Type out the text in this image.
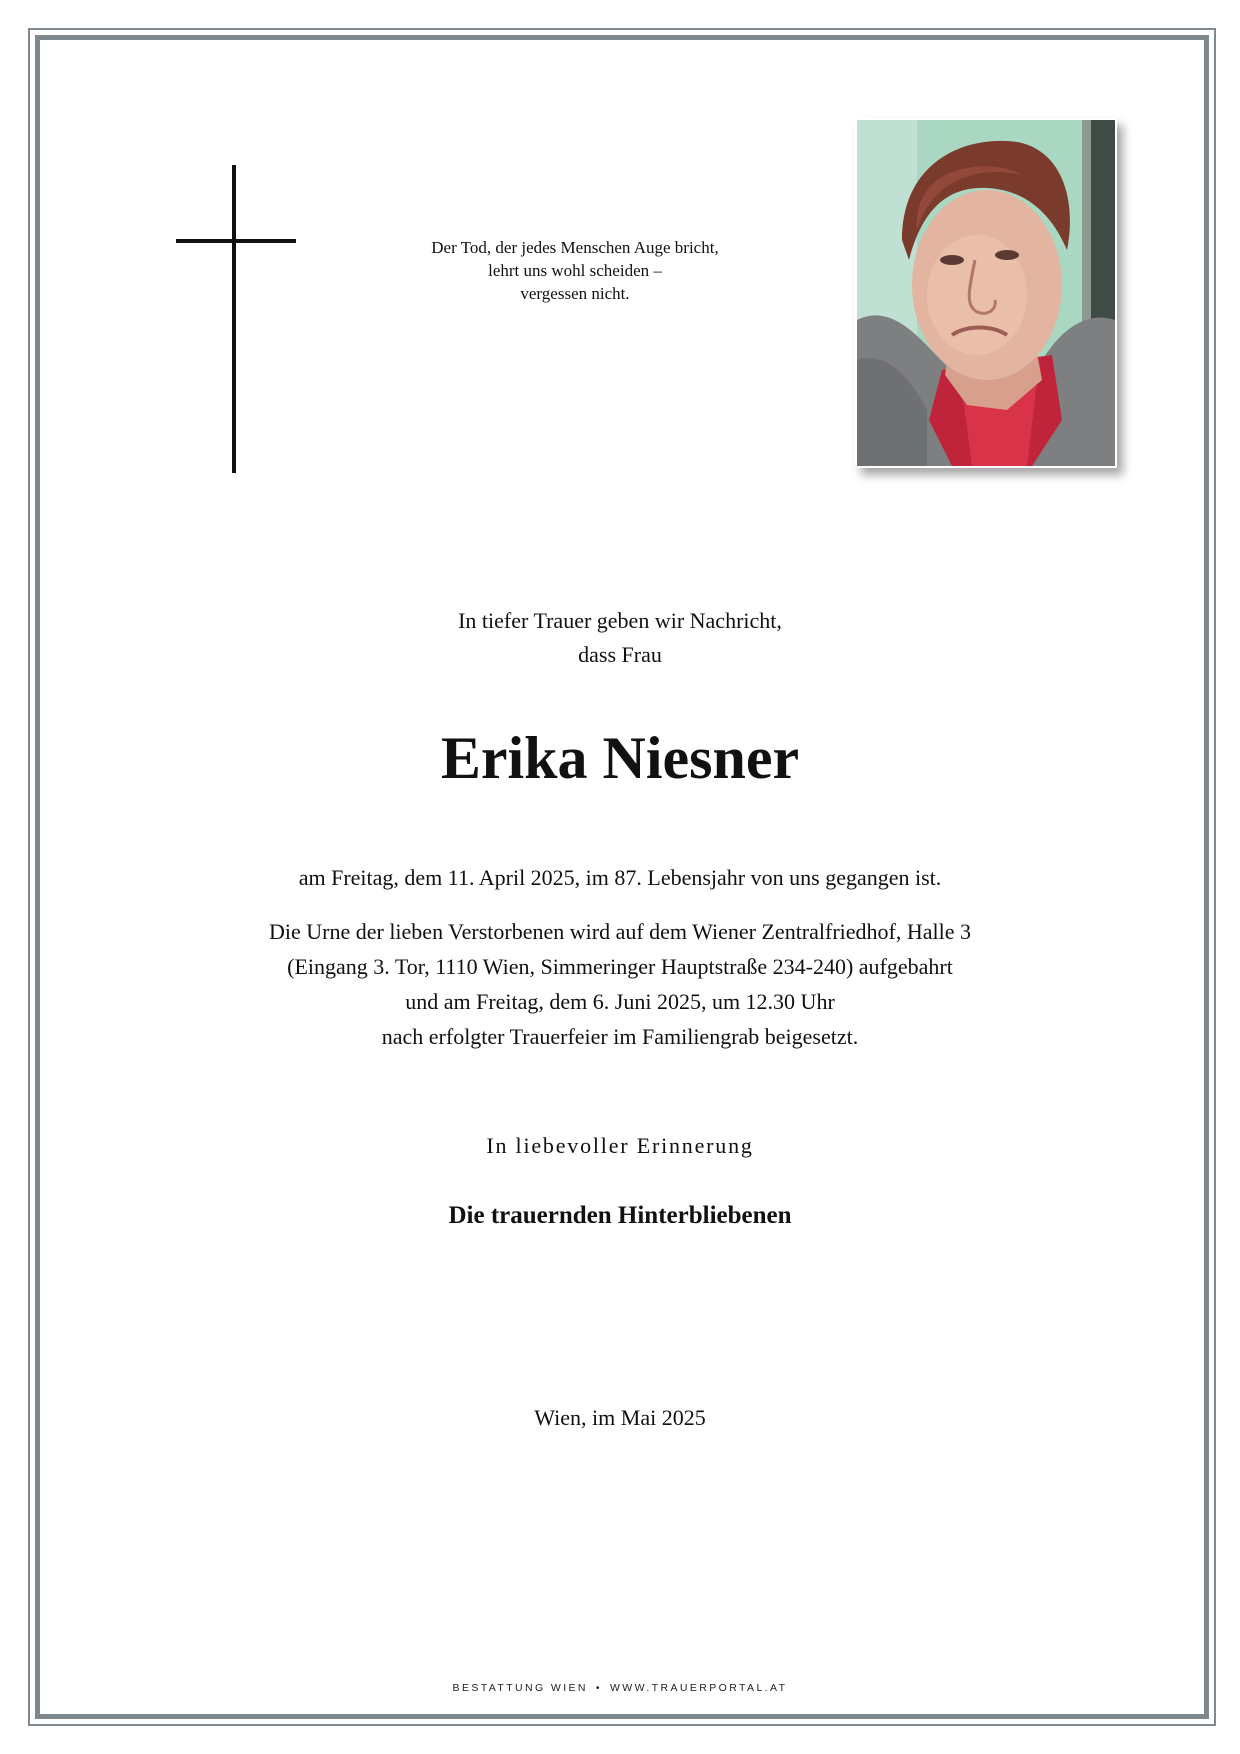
Der Tod, der jedes Menschen Auge bricht,
lehrt uns wohl scheiden –
vergessen nicht.
In tiefer Trauer geben wir Nachricht,
dass Frau
Erika Niesner
am Freitag, dem 11. April 2025, im 87. Lebensjahr von uns gegangen ist.
Die Urne der lieben Verstorbenen wird auf dem Wiener Zentralfriedhof, Halle 3
(Eingang 3. Tor, 1110 Wien, Simmeringer Hauptstraße 234-240) aufgebahrt
und am Freitag, dem 6. Juni 2025, um 12.30 Uhr
nach erfolgter Trauerfeier im Familiengrab beigesetzt.
In liebevoller Erinnerung
Die trauernden Hinterbliebenen
Wien, im Mai 2025
BESTATTUNG WIEN • WWW.TRAUERPORTAL.AT
